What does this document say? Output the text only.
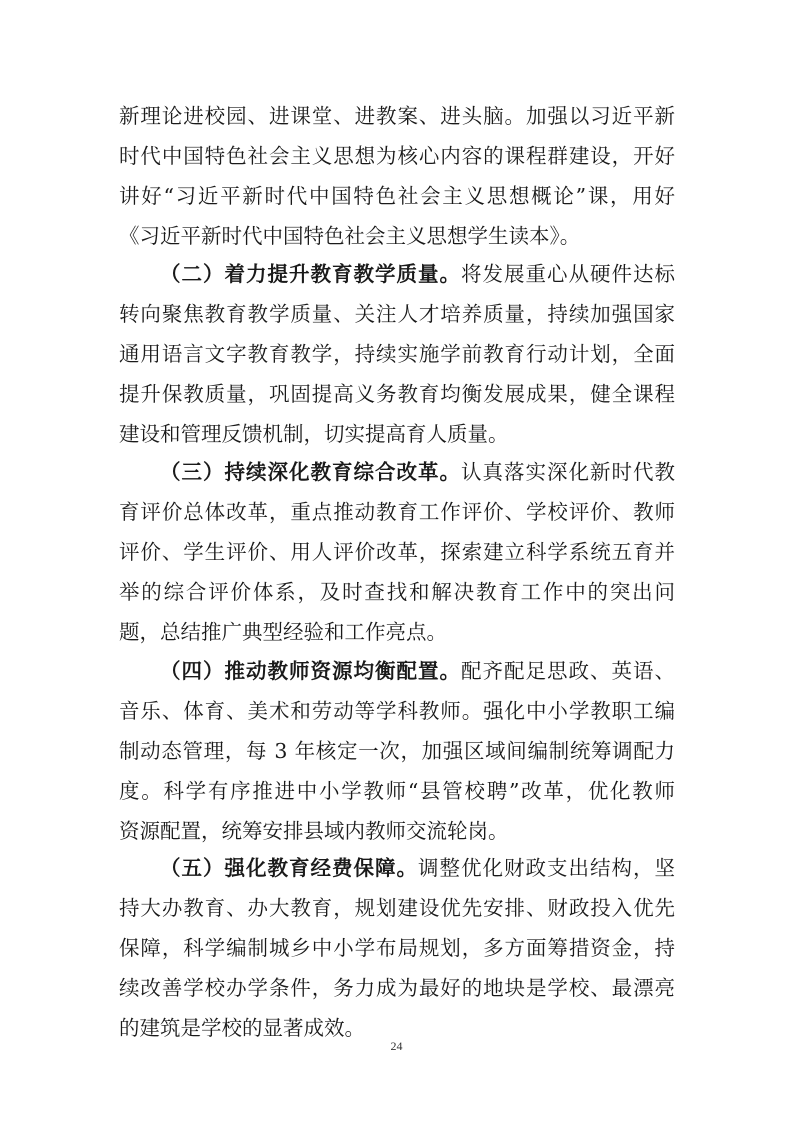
新理论进校园、进课堂、进教案、进头脑。加强以习近平新
时代中国特色社会主义思想为核心内容的课程群建设，开好
讲好“习近平新时代中国特色社会主义思想概论”课，用好
《习近平新时代中国特色社会主义思想学生读本》。
（二）着力提升教育教学质量。将发展重心从硬件达标
转向聚焦教育教学质量、关注人才培养质量，持续加强国家
通用语言文字教育教学，持续实施学前教育行动计划，全面
提升保教质量，巩固提高义务教育均衡发展成果，健全课程
建设和管理反馈机制，切实提高育人质量。
（三）持续深化教育综合改革。认真落实深化新时代教
育评价总体改革，重点推动教育工作评价、学校评价、教师
评价、学生评价、用人评价改革，探索建立科学系统五育并
举的综合评价体系，及时查找和解决教育工作中的突出问
题，总结推广典型经验和工作亮点。
（四）推动教师资源均衡配置。配齐配足思政、英语、
音乐、体育、美术和劳动等学科教师。强化中小学教职工编
制动态管理，每 3 年核定一次，加强区域间编制统筹调配力
度。科学有序推进中小学教师“县管校聘”改革，优化教师
资源配置，统筹安排县域内教师交流轮岗。
（五）强化教育经费保障。调整优化财政支出结构，坚
持大办教育、办大教育，规划建设优先安排、财政投入优先
保障，科学编制城乡中小学布局规划，多方面筹措资金，持
续改善学校办学条件，务力成为最好的地块是学校、最漂亮
的建筑是学校的显著成效。
24
